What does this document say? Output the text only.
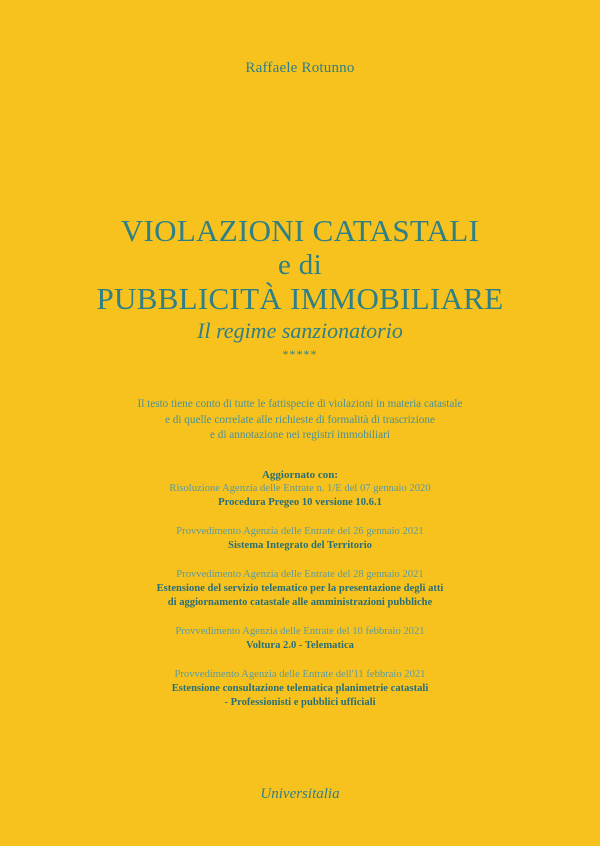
Raffaele Rotunno
VIOLAZIONI CATASTALI
e di
PUBBLICITÀ IMMOBILIARE
Il regime sanzionatorio
*****
Il testo tiene conto di tutte le fattispecie di violazioni in materia catastale
e di quelle correlate alle richieste di formalità di trascrizione
e di annotazione nei registri immobiliari
Aggiornato con:
Risoluzione Agenzia delle Entrate n. 1/E del 07 gennaio 2020
Procedura Pregeo 10 versione 10.6.1
Provvedimento Agenzia delle Entrate del 26 gennaio 2021
Sistema Integrato del Territorio
Provvedimento Agenzia delle Entrate del 28 gennaio 2021
Estensione del servizio telematico per la presentazione degli atti
di aggiornamento catastale alle amministrazioni pubbliche
Provvedimento Agenzia delle Entrate del 10 febbraio 2021
Voltura 2.0 - Telematica
Provvedimento Agenzia delle Entrate dell'11 febbraio 2021
Estensione consultazione telematica planimetrie catastali
- Professionisti e pubblici ufficiali
Universitalia
